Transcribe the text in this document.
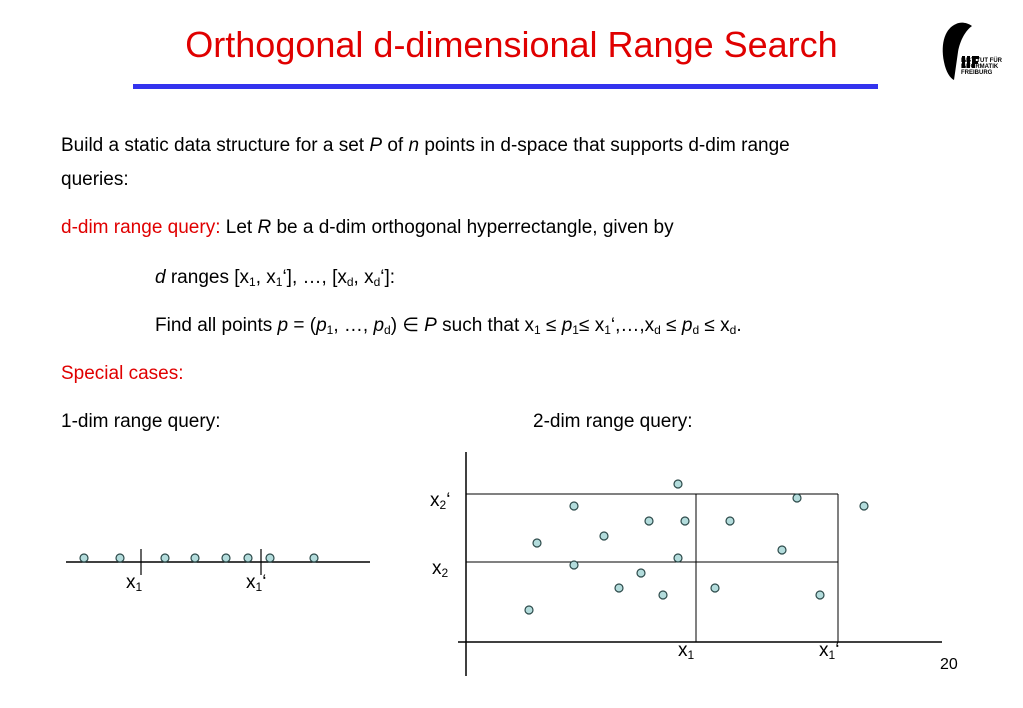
Orthogonal d-dimensional Range Search	INSTITUT FÜR
INFORMATIK
FREIBURG
Build a static data structure for a set P of n points in d-space that supports d-dim range
queries:
d-dim range query: Let R be a d-dim orthogonal hyperrectangle, given by
d ranges [$x_1$, $x_1‘$], …, [$x_d$, $x_d‘$]:
Find all points $p = (p_1$, …, $p_d$) ∈ P such that $x_1 \le p_1\le$ $x_1‘,\dots,x_d \le p_d \le x_d$.
Special cases:
1-dim range query:	2-dim range query:
$x_1$	$x_1‘$
$x_2‘$
$x_2$
$x_1$	$x_1‘$
20
